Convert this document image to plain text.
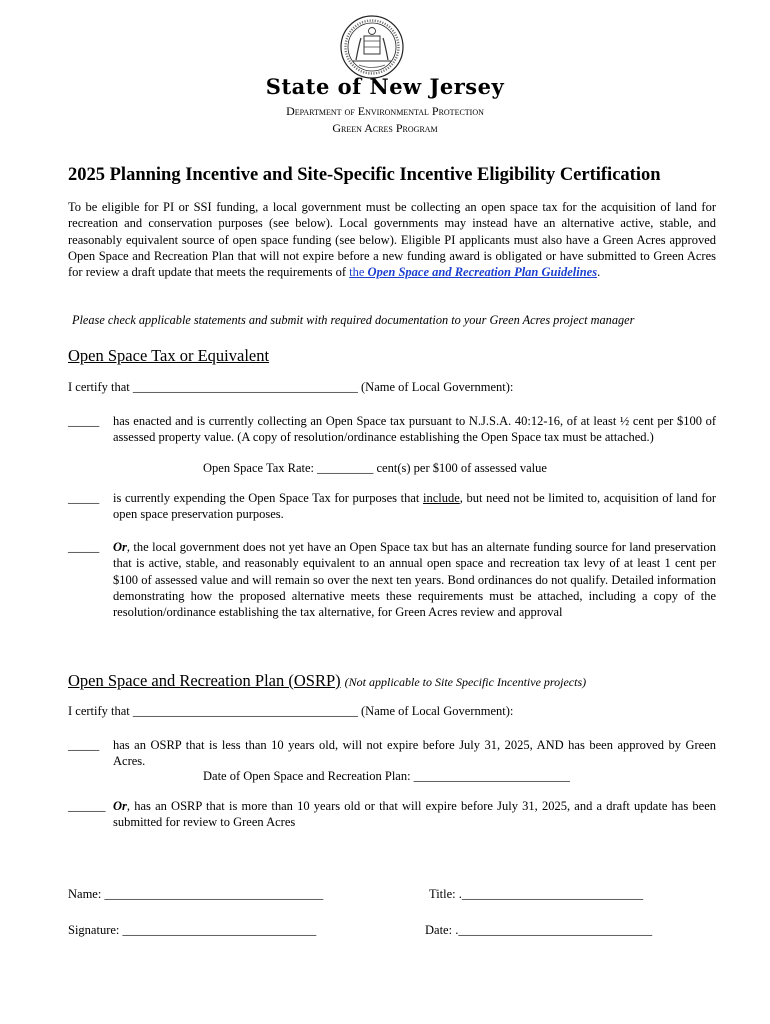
State of New Jersey
Department of Environmental Protection
Green Acres Program
2025 Planning Incentive and Site-Specific Incentive Eligibility Certification
To be eligible for PI or SSI funding, a local government must be collecting an open space tax for the acquisition of land for recreation and conservation purposes (see below). Local governments may instead have an alternative active, stable, and reasonably equivalent source of open space funding (see below). Eligible PI applicants must also have a Green Acres approved Open Space and Recreation Plan that will not expire before a new funding award is obligated or have submitted to Green Acres for review a draft update that meets the requirements of the Open Space and Recreation Plan Guidelines.
Please check applicable statements and submit with required documentation to your Green Acres project manager
Open Space Tax or Equivalent
I certify that ____________________________________ (Name of Local Government):
_____ has enacted and is currently collecting an Open Space tax pursuant to N.J.S.A. 40:12-16, of at least ½ cent per $100 of assessed property value. (A copy of resolution/ordinance establishing the Open Space tax must be attached.)
Open Space Tax Rate: _________ cent(s) per $100 of assessed value
_____ is currently expending the Open Space Tax for purposes that include, but need not be limited to, acquisition of land for open space preservation purposes.
_____ Or, the local government does not yet have an Open Space tax but has an alternate funding source for land preservation that is active, stable, and reasonably equivalent to an annual open space and recreation tax levy of at least 1 cent per $100 of assessed value and will remain so over the next ten years. Bond ordinances do not qualify. Detailed information demonstrating how the proposed alternative meets these requirements must be attached, including a copy of the resolution/ordinance establishing the tax alternative, for Green Acres review and approval
Open Space and Recreation Plan (OSRP) (Not applicable to Site Specific Incentive projects)
I certify that ____________________________________ (Name of Local Government):
_____ has an OSRP that is less than 10 years old, will not expire before July 31, 2025, AND has been approved by Green Acres.
Date of Open Space and Recreation Plan: _________________________
______ Or, has an OSRP that is more than 10 years old or that will expire before July 31, 2025, and a draft update has been submitted for review to Green Acres
Name: ___________________________________	Title: ._____________________________
Signature: _______________________________	Date: ._______________________________
